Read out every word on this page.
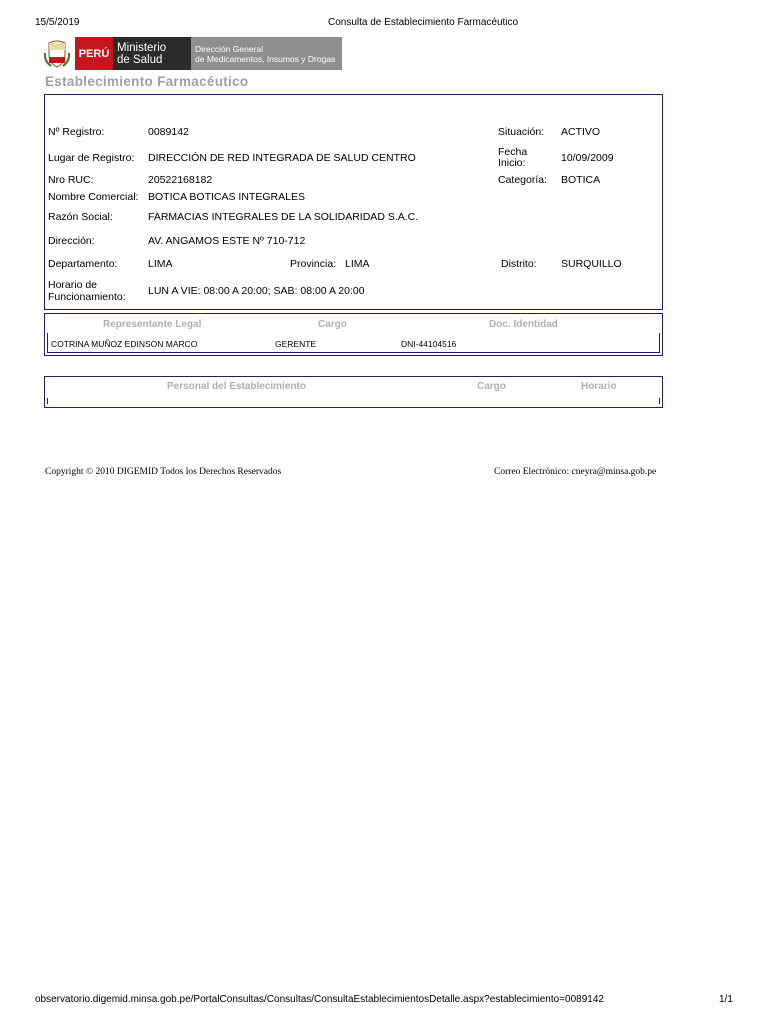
15/5/2019	Consulta de Establecimiento Farmacéutico
PERÚ Ministerio
de Salud
Dirección General
de Medicamentos, Insumos y Drogas
Establecimiento Farmacéutico
Nº Registro:	0089142	Situación: ACTIVO
Lugar de Registro: DIRECCIÓN DE RED INTEGRADA DE SALUD CENTRO	Fecha
Inicio:	10/09/2009
Nro RUC:	20522168182	Categoría: BOTICA
Nombre Comercial: BOTICA BOTICAS INTEGRALES
Razón Social:	FARMACIAS INTEGRALES DE LA SOLIDARIDAD S.A.C.
Dirección:	AV. ANGAMOS ESTE Nº 710-712
Departamento:	LIMA	Provincia: LIMA	Distrito: SURQUILLO
Horario de
Funcionamiento: LUN A VIE: 08:00 A 20:00; SAB: 08:00 A 20:00
Representante Legal	Cargo	Doc. Identidad
COTRINA MUÑOZ EDINSON MARCO	GERENTE	DNI-44104516
Personal del Establecimiento	Cargo	Horario
Copyright © 2010 DIGEMID Todos los Derechos Reservados	Correo Electrónico: cneyra@minsa.gob.pe
observatorio.digemid.minsa.gob.pe/PortalConsultas/Consultas/ConsultaEstablecimientosDetalle.aspx?establecimiento=0089142	1/1
